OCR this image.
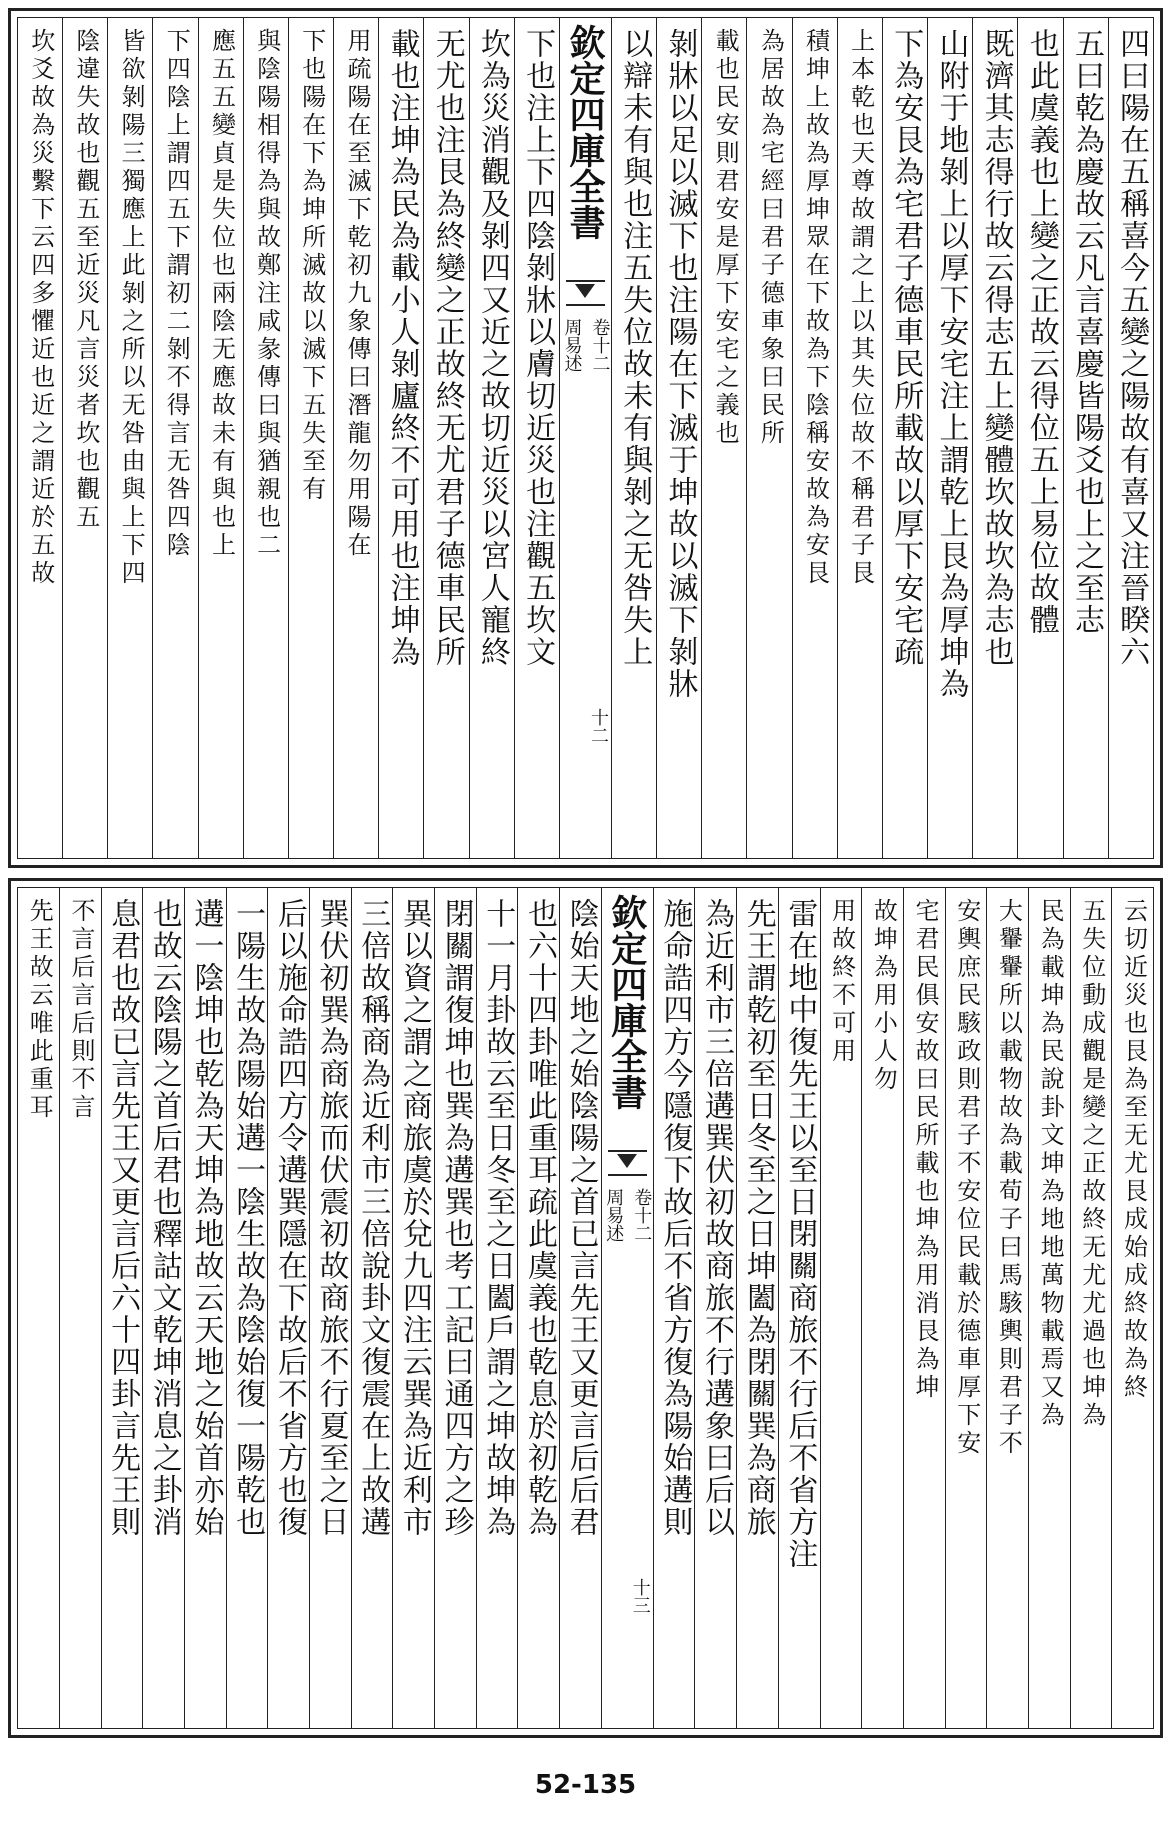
四曰陽在五稱喜今五變之陽故有喜又注晉睽六
五曰乾為慶故云凡言喜慶皆陽爻也上之至志
也此虞義也上變之正故云得位五上易位故體
既濟其志得行故云得志五上變體坎故坎為志也
山附于地剝上以厚下安宅注上謂乾上艮為厚坤為
下為安艮為宅君子德車民所載故以厚下安宅疏
上本乾也天尊故謂之上以其失位故不稱君子艮
積坤上故為厚坤眾在下故為下陰稱安故為安艮
為居故為宅經曰君子德車象曰民所
載也民安則君安是厚下安宅之義也
剝牀以足以滅下也注陽在下滅于坤故以滅下剝牀
以辯未有與也注五失位故未有與剝之无咎失上
欽定四庫全書
周易述 卷十二
十二
下也注上下四陰剝牀以膚切近災也注觀五坎文
坎為災消觀及剝四又近之故切近災以宮人寵終
无尤也注艮為終變之正故終无尤君子德車民所
載也注坤為民為載小人剝廬終不可用也注坤為
用疏陽在至滅下乾初九象傳曰潛龍勿用陽在
下也陽在下為坤所滅故以滅下五失至有
與陰陽相得為與故鄭注咸彖傳曰與猶親也二
應五五變貞是失位也兩陰无應故未有與也上
下四陰上謂四五下謂初二剝不得言无咎四陰
皆欲剝陽三獨應上此剝之所以无咎由與上下四
陰違失故也觀五至近災凡言災者坎也觀五
坎爻故為災繫下云四多懼近也近之謂近於五故
云切近災也艮為至无尤艮成始成終故為終
五失位動成觀是變之正故終无尤尤過也坤為
民為載坤為民說卦文坤為地地萬物載焉又為
大轝轝所以載物故為載荀子曰馬駭輿則君子不
安輿庶民駭政則君子不安位民載於德車厚下安
宅君民俱安故曰民所載也坤為用消艮為坤
故坤為用小人勿
用故終不可用
雷在地中復先王以至日閉關商旅不行后不省方注
先王謂乾初至日冬至之日坤闔為閉關巽為商旅
為近利市三倍遘巽伏初故商旅不行遘象曰后以
施命誥四方今隱復下故后不省方復為陽始遘則
欽定四庫全書
周易述 卷十二
十三
陰始天地之始陰陽之首已言先王又更言后后君
也六十四卦唯此重耳疏此虞義也乾息於初乾為
十一月卦故云至日冬至之日闔戶謂之坤故坤為
閉關謂復坤也巽為遘巽也考工記曰通四方之珍
異以資之謂之商旅虞於兌九四注云巽為近利市
三倍故稱商為近利市三倍說卦文復震在上故遘
巽伏初巽為商旅而伏震初故商旅不行夏至之日
后以施命誥四方令遘巽隱在下故后不省方也復
一陽生故為陽始遘一陰生故為陰始復一陽乾也
遘一陰坤也乾為天坤為地故云天地之始首亦始
也故云陰陽之首后君也釋詁文乾坤消息之卦消
息君也故已言先王又更言后六十四卦言先王則
不言后言后則不言
先王故云唯此重耳
52-135
